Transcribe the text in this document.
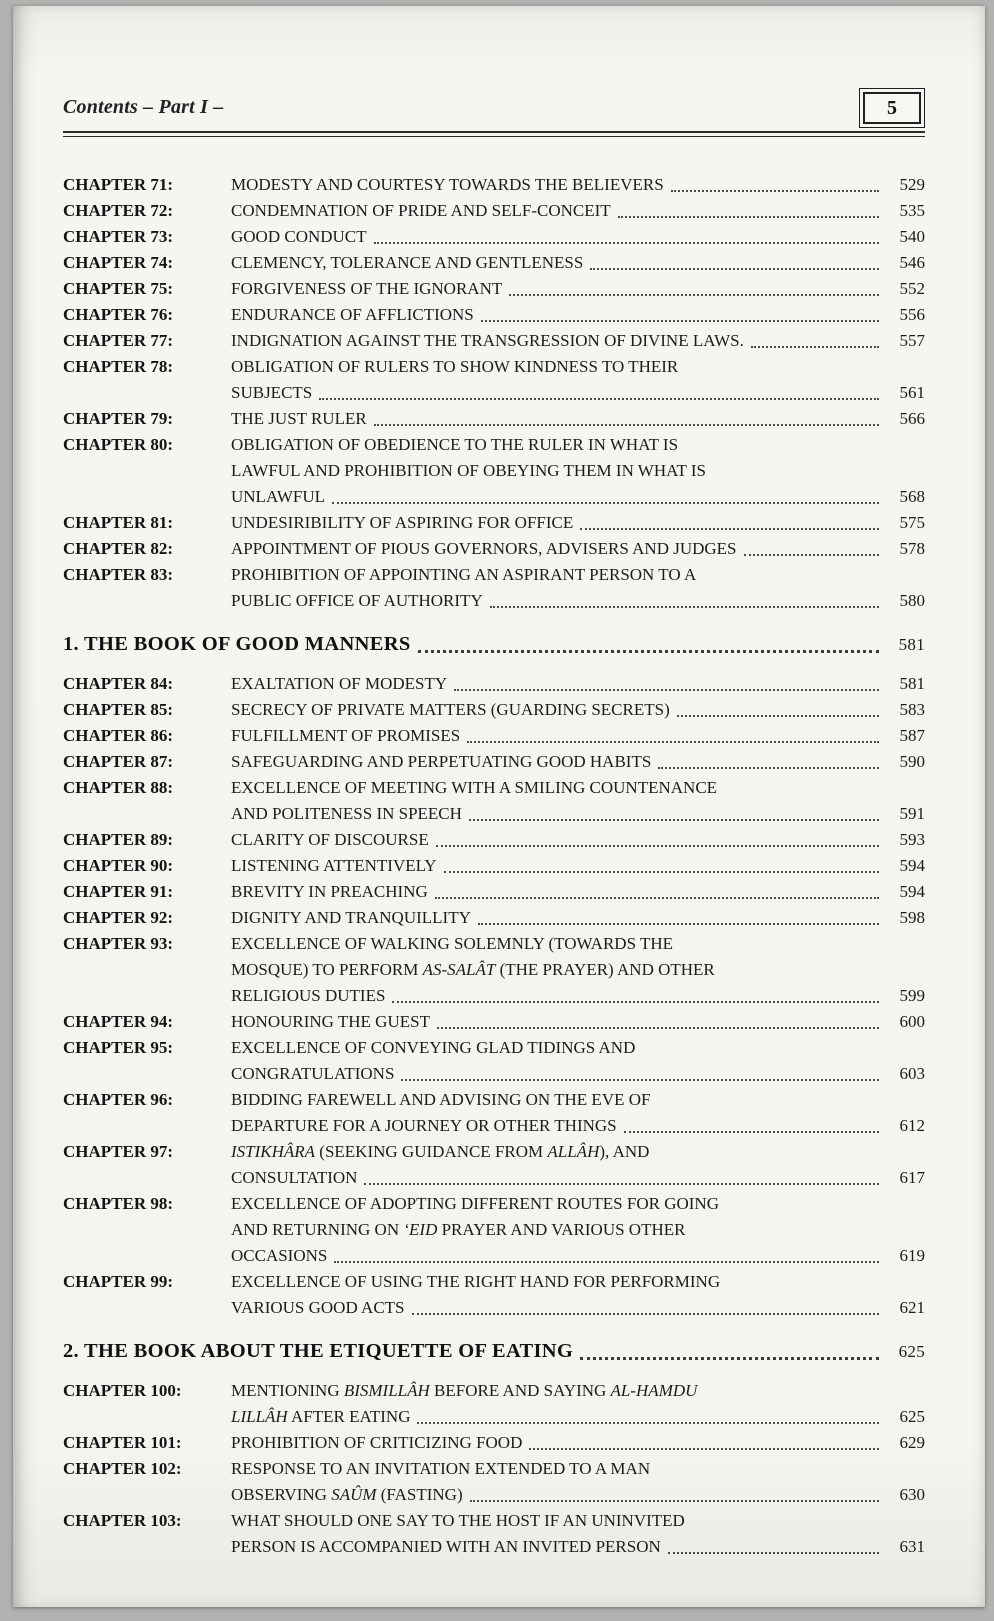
Contents – Part I –	5
CHAPTER 71:	MODESTY AND COURTESY TOWARDS THE BELIEVERS	529
CHAPTER 72:	CONDEMNATION OF PRIDE AND SELF-CONCEIT	535
CHAPTER 73:	GOOD CONDUCT	540
CHAPTER 74:	CLEMENCY, TOLERANCE AND GENTLENESS	546
CHAPTER 75:	FORGIVENESS OF THE IGNORANT	552
CHAPTER 76:	ENDURANCE OF AFFLICTIONS	556
CHAPTER 77:	INDIGNATION AGAINST THE TRANSGRESSION OF DIVINE LAWS.	557
CHAPTER 78:	OBLIGATION OF RULERS TO SHOW KINDNESS TO THEIR
SUBJECTS	561
CHAPTER 79:	THE JUST RULER	566
CHAPTER 80:	OBLIGATION OF OBEDIENCE TO THE RULER IN WHAT IS
LAWFUL AND PROHIBITION OF OBEYING THEM IN WHAT IS
UNLAWFUL	568
CHAPTER 81:	UNDESIRIBILITY OF ASPIRING FOR OFFICE	575
CHAPTER 82:	APPOINTMENT OF PIOUS GOVERNORS, ADVISERS AND JUDGES	578
CHAPTER 83:	PROHIBITION OF APPOINTING AN ASPIRANT PERSON TO A
PUBLIC OFFICE OF AUTHORITY	580
1. THE BOOK OF GOOD MANNERS	581
CHAPTER 84:	EXALTATION OF MODESTY	581
CHAPTER 85:	SECRECY OF PRIVATE MATTERS (GUARDING SECRETS)	583
CHAPTER 86:	FULFILLMENT OF PROMISES	587
CHAPTER 87:	SAFEGUARDING AND PERPETUATING GOOD HABITS	590
CHAPTER 88:	EXCELLENCE OF MEETING WITH A SMILING COUNTENANCE
AND POLITENESS IN SPEECH	591
CHAPTER 89:	CLARITY OF DISCOURSE	593
CHAPTER 90:	LISTENING ATTENTIVELY	594
CHAPTER 91:	BREVITY IN PREACHING	594
CHAPTER 92:	DIGNITY AND TRANQUILLITY	598
CHAPTER 93:	EXCELLENCE OF WALKING SOLEMNLY (TOWARDS THE
MOSQUE) TO PERFORM AS-SALÂT (THE PRAYER) AND OTHER
RELIGIOUS DUTIES	599
CHAPTER 94:	HONOURING THE GUEST	600
CHAPTER 95:	EXCELLENCE OF CONVEYING GLAD TIDINGS AND
CONGRATULATIONS	603
CHAPTER 96:	BIDDING FAREWELL AND ADVISING ON THE EVE OF
DEPARTURE FOR A JOURNEY OR OTHER THINGS	612
CHAPTER 97:	ISTIKHÂRA (SEEKING GUIDANCE FROM ALLÂH), AND
CONSULTATION	617
CHAPTER 98:	EXCELLENCE OF ADOPTING DIFFERENT ROUTES FOR GOING
AND RETURNING ON ‘EID PRAYER AND VARIOUS OTHER
OCCASIONS	619
CHAPTER 99:	EXCELLENCE OF USING THE RIGHT HAND FOR PERFORMING
VARIOUS GOOD ACTS	621
2. THE BOOK ABOUT THE ETIQUETTE OF EATING	625
CHAPTER 100:	MENTIONING BISMILLÂH BEFORE AND SAYING AL-HAMDU
LILLÂH AFTER EATING	625
CHAPTER 101:	PROHIBITION OF CRITICIZING FOOD	629
CHAPTER 102:	RESPONSE TO AN INVITATION EXTENDED TO A MAN
OBSERVING SAÛM (FASTING)	630
CHAPTER 103:	WHAT SHOULD ONE SAY TO THE HOST IF AN UNINVITED
PERSON IS ACCOMPANIED WITH AN INVITED PERSON	631
